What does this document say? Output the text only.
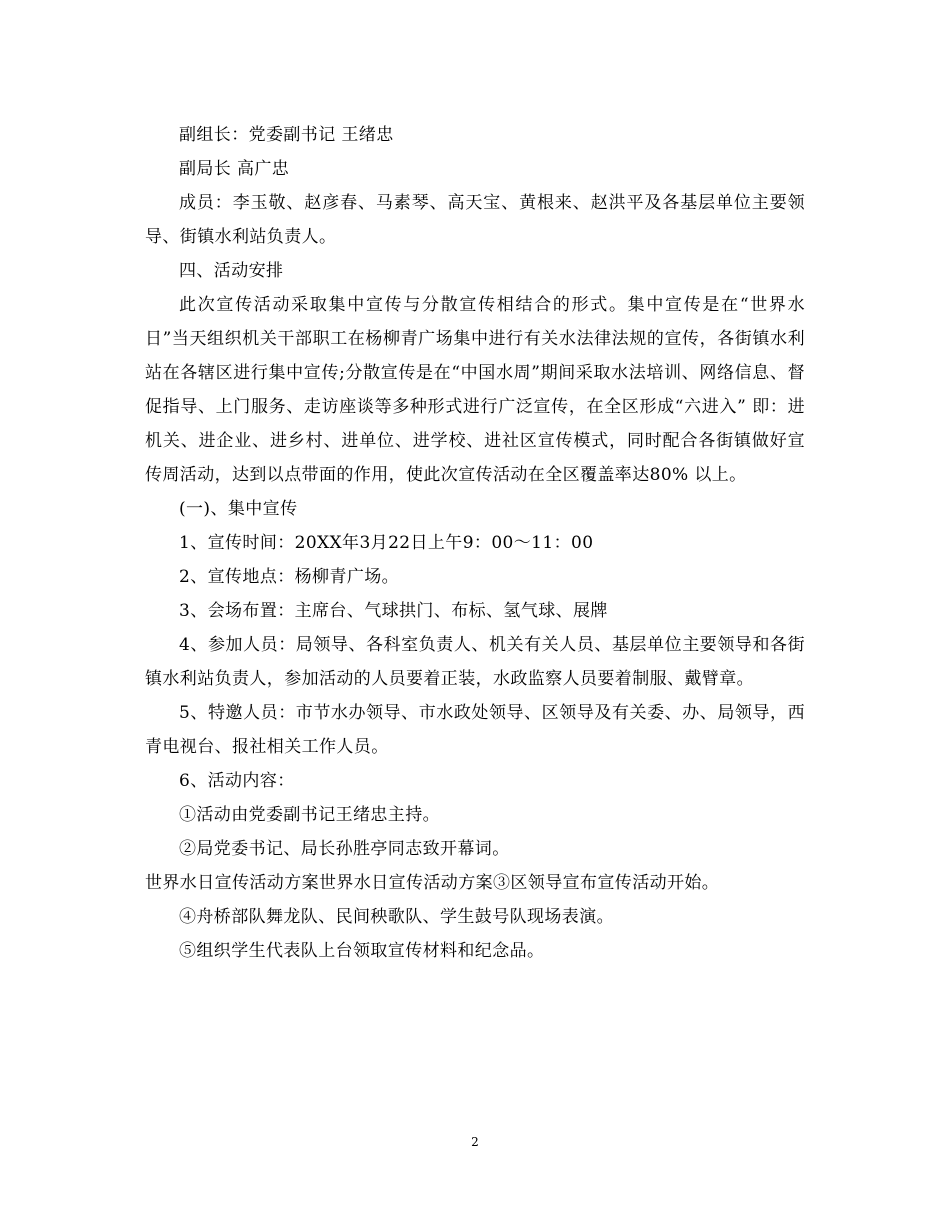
副组长：党委副书记 王绪忠

副局长 高广忠

成员：李玉敬、赵彦春、马素琴、高天宝、黄根来、赵洪平及各基层单位主要领导、街镇水利站负责人。

四、活动安排

此次宣传活动采取集中宣传与分散宣传相结合的形式。集中宣传是在“世界水日”当天组织机关干部职工在杨柳青广场集中进行有关水法律法规的宣传，各街镇水利站在各辖区进行集中宣传;分散宣传是在“中国水周”期间采取水法培训、网络信息、督促指导、上门服务、走访座谈等多种形式进行广泛宣传，在全区形成“六进入” 即：进机关、进企业、进乡村、进单位、进学校、进社区宣传模式，同时配合各街镇做好宣传周活动，达到以点带面的作用，使此次宣传活动在全区覆盖率达80% 以上。

(一)、集中宣传

1、宣传时间：20XX年3月22日上午9：00～11：00

2、宣传地点：杨柳青广场。

3、会场布置：主席台、气球拱门、布标、氢气球、展牌

4、参加人员：局领导、各科室负责人、机关有关人员、基层单位主要领导和各街镇水利站负责人，参加活动的人员要着正装，水政监察人员要着制服、戴臂章。

5、特邀人员：市节水办领导、市水政处领导、区领导及有关委、办、局领导，西青电视台、报社相关工作人员。

6、活动内容：

①活动由党委副书记王绪忠主持。

②局党委书记、局长孙胜亭同志致开幕词。

世界水日宣传活动方案世界水日宣传活动方案③区领导宣布宣传活动开始。

④舟桥部队舞龙队、民间秧歌队、学生鼓号队现场表演。

⑤组织学生代表队上台领取宣传材料和纪念品。

2
